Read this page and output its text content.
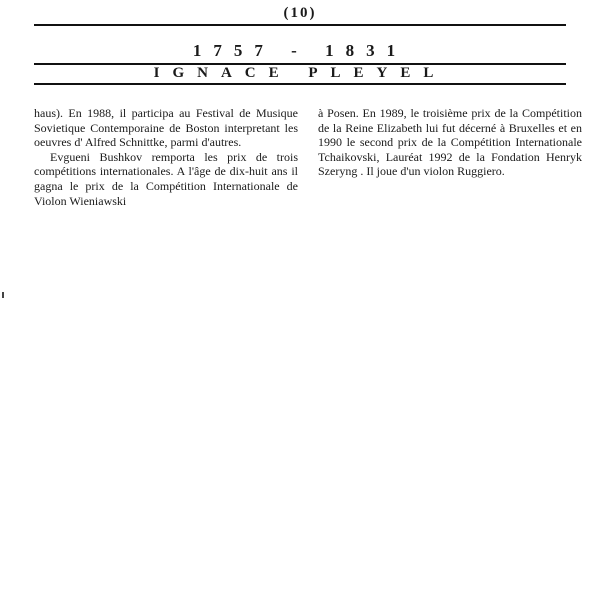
(10)
1757 - 1831
IGNACE PLEYEL

haus). En 1988, il participa au Festival de Musique Sovietique Contemporaine de Boston interpretant les oeuvres d' Alfred Schnittke, parmi d'autres.

Evgueni Bushkov remporta les prix de trois compétitions internationales. A l'âge de dix-huit ans il gagna le prix de la Compétition Internationale de Violon Wieniawski

à Posen. En 1989, le troisième prix de la Compétition de la Reine Elizabeth lui fut décerné à Bruxelles et en 1990 le second prix de la Compétition Internationale Tchaikovski, Lauréat 1992 de la Fondation Henryk Szeryng . Il joue d'un violon Ruggiero.
